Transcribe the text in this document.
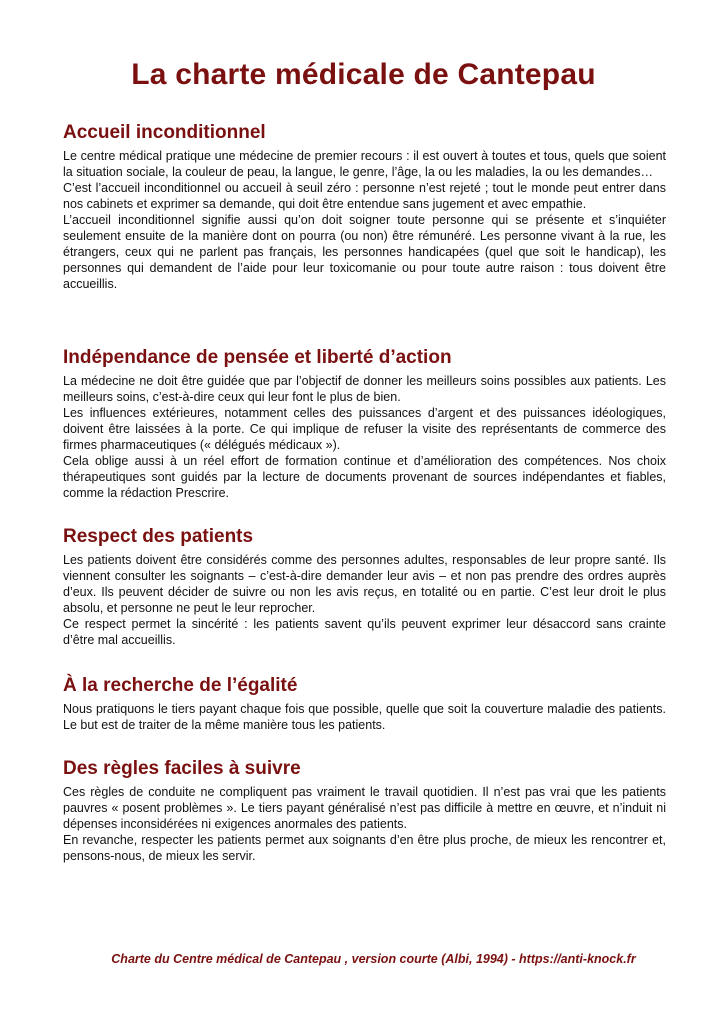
La charte médicale de Cantepau
Accueil inconditionnel

Le centre médical pratique une médecine de premier recours : il est ouvert à toutes et tous, quels que soient la situation sociale, la couleur de peau, la langue, le genre, l’âge, la ou les maladies, la ou les demandes…

C’est l’accueil inconditionnel ou accueil à seuil zéro : personne n’est rejeté ; tout le monde peut entrer dans nos cabinets et exprimer sa demande, qui doit être entendue sans jugement et avec empathie.

L’accueil inconditionnel signifie aussi qu’on doit soigner toute personne qui se présente et s’inquiéter seulement ensuite de la manière dont on pourra (ou non) être rémunéré. Les personne vivant à la rue, les étrangers, ceux qui ne parlent pas français, les personnes handicapées (quel que soit le handicap), les personnes qui demandent de l’aide pour leur toxicomanie ou pour toute autre raison : tous doivent être accueillis.

Indépendance de pensée et liberté d’action

La médecine ne doit être guidée que par l’objectif de donner les meilleurs soins possibles aux patients. Les meilleurs soins, c’est-à-dire ceux qui leur font le plus de bien.

Les influences extérieures, notamment celles des puissances d’argent et des puissances idéologiques, doivent être laissées à la porte. Ce qui implique de refuser la visite des représentants de commerce des firmes pharmaceutiques (« délégués médicaux »).

Cela oblige aussi à un réel effort de formation continue et d’amélioration des compétences. Nos choix thérapeutiques sont guidés par la lecture de documents provenant de sources indépendantes et fiables, comme la rédaction Prescrire.

Respect des patients

Les patients doivent être considérés comme des personnes adultes, responsables de leur propre santé. Ils viennent consulter les soignants – c’est-à-dire demander leur avis – et non pas prendre des ordres auprès d’eux. Ils peuvent décider de suivre ou non les avis reçus, en totalité ou en partie. C’est leur droit le plus absolu, et personne ne peut le leur reprocher.

Ce respect permet la sincérité : les patients savent qu’ils peuvent exprimer leur désaccord sans crainte d’être mal accueillis.

À la recherche de l’égalité

Nous pratiquons le tiers payant chaque fois que possible, quelle que soit la couverture maladie des patients. Le but est de traiter de la même manière tous les patients.

Des règles faciles à suivre

Ces règles de conduite ne compliquent pas vraiment le travail quotidien. Il n’est pas vrai que les patients pauvres « posent problèmes ». Le tiers payant généralisé n’est pas difficile à mettre en œuvre, et n’induit ni dépenses inconsidérées ni exigences anormales des patients.

En revanche, respecter les patients permet aux soignants d’en être plus proche, de mieux les rencontrer et, pensons-nous, de mieux les servir.

Charte du Centre médical de Cantepau , version courte (Albi, 1994) - https://anti-knock.fr
